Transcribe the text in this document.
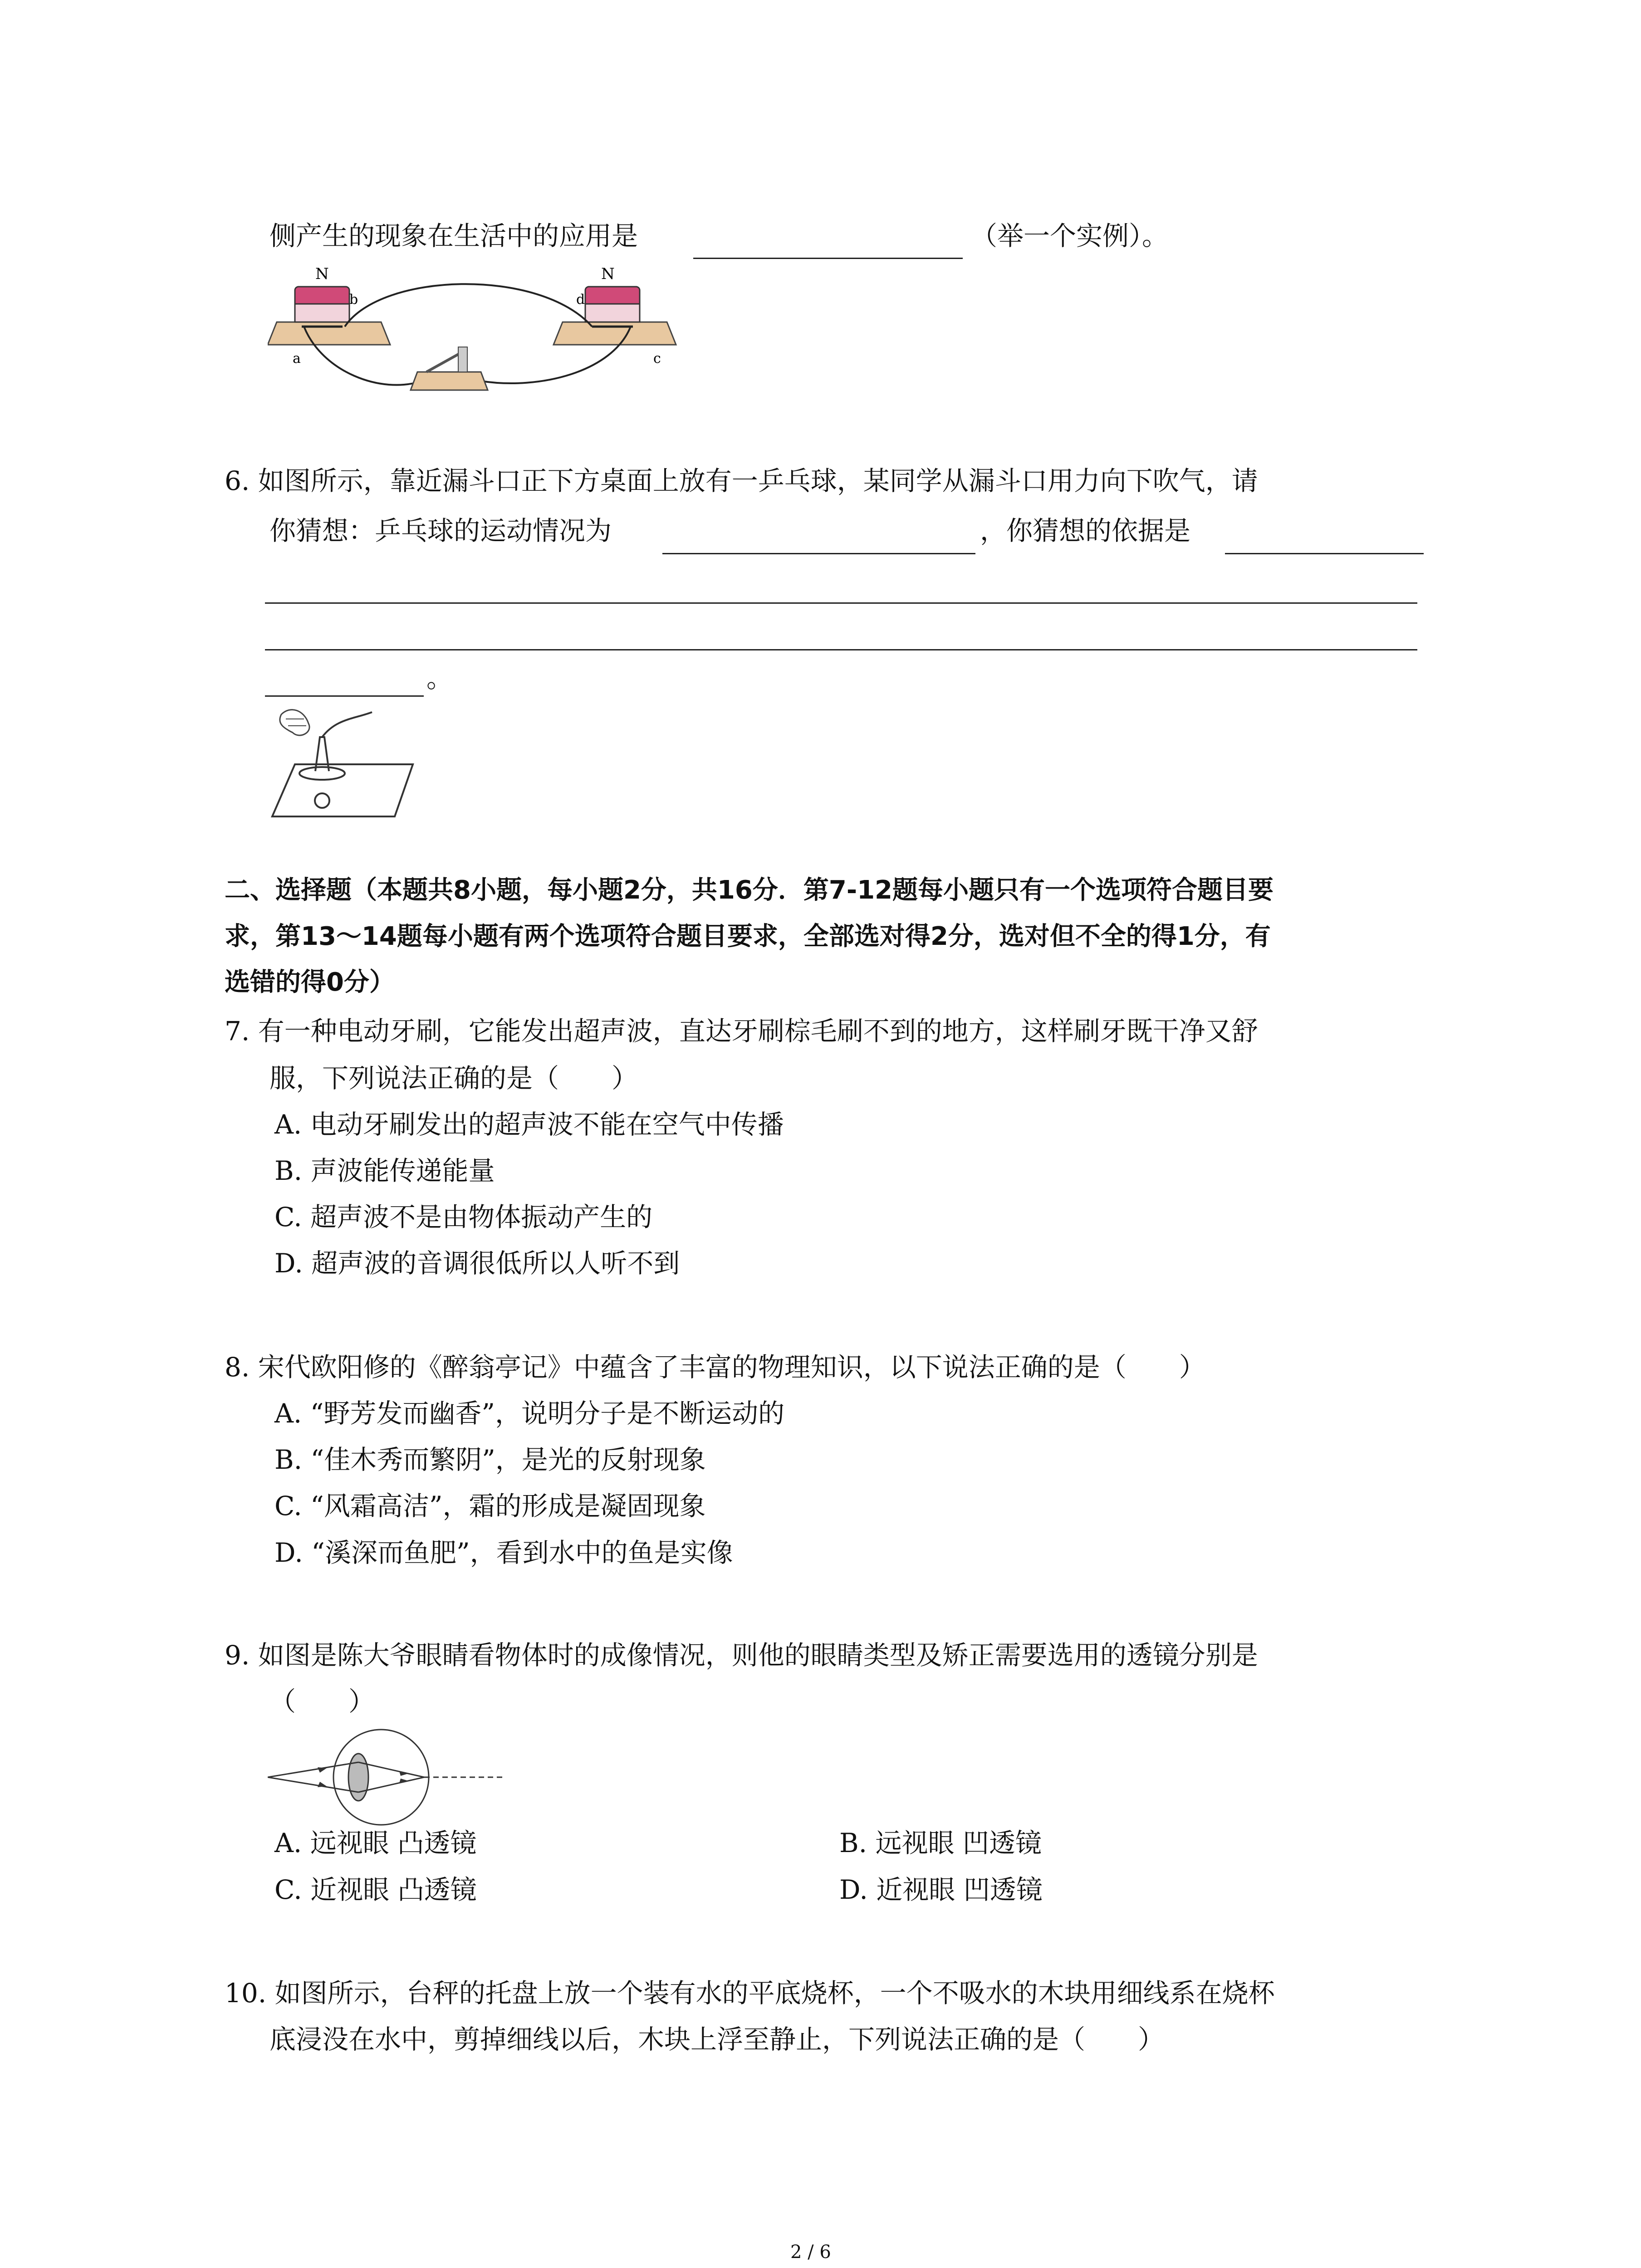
侧产生的现象在生活中的应用是	（举一个实例）。
N
b
a
N
d
c
6. 如图所示，靠近漏斗口正下方桌面上放有一乒乓球，某同学从漏斗口用力向下吹气，请
你猜想：乒乓球的运动情况为	，你猜想的依据是
。
二、选择题（本题共8小题，每小题2分，共16分．第7-12题每小题只有一个选项符合题目要
求，第13～14题每小题有两个选项符合题目要求，全部选对得2分，选对但不全的得1分，有
选错的得0分）
7. 有一种电动牙刷，它能发出超声波，直达牙刷棕毛刷不到的地方，这样刷牙既干净又舒
服，下列说法正确的是（　　）
A. 电动牙刷发出的超声波不能在空气中传播
B. 声波能传递能量
C. 超声波不是由物体振动产生的
D. 超声波的音调很低所以人听不到
8. 宋代欧阳修的《醉翁亭记》中蕴含了丰富的物理知识，以下说法正确的是（　　）
A. “野芳发而幽香”，说明分子是不断运动的
B. “佳木秀而繁阴”，是光的反射现象
C. “风霜高洁”，霜的形成是凝固现象
D. “溪深而鱼肥”，看到水中的鱼是实像
9. 如图是陈大爷眼睛看物体时的成像情况，则他的眼睛类型及矫正需要选用的透镜分别是
（　　）
A. 远视眼 凸透镜	B. 远视眼 凹透镜
C. 近视眼 凸透镜	D. 近视眼 凹透镜
10. 如图所示，台秤的托盘上放一个装有水的平底烧杯，一个不吸水的木块用细线系在烧杯
底浸没在水中，剪掉细线以后，木块上浮至静止，下列说法正确的是（　　）
2 / 6
